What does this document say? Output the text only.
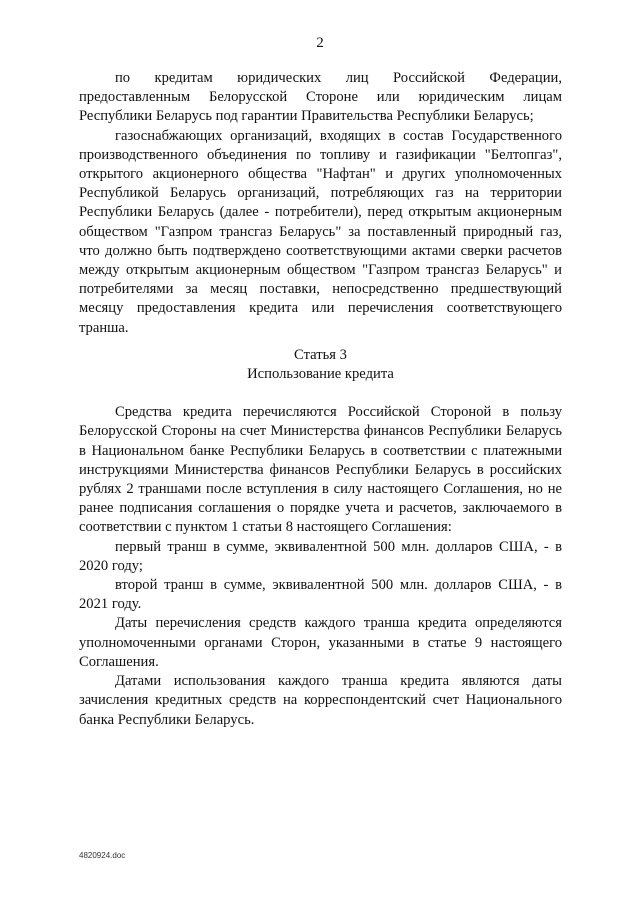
2

по кредитам юридических лиц Российской Федерации, предоставленным Белорусской Стороне или юридическим лицам Республики Беларусь под гарантии Правительства Республики Беларусь;

газоснабжающих организаций, входящих в состав Государственного производственного объединения по топливу и газификации "Белтопгаз", открытого акционерного общества "Нафтан" и других уполномоченных Республикой Беларусь организаций, потребляющих газ на территории Республики Беларусь (далее - потребители), перед открытым акционерным обществом "Газпром трансгаз Беларусь" за поставленный природный газ, что должно быть подтверждено соответствующими актами сверки расчетов между открытым акционерным обществом "Газпром трансгаз Беларусь" и потребителями за месяц поставки, непосредственно предшествующий месяцу предоставления кредита или перечисления соответствующего транша.

Статья 3
Использование кредита

Средства кредита перечисляются Российской Стороной в пользу Белорусской Стороны на счет Министерства финансов Республики Беларусь в Национальном банке Республики Беларусь в соответствии с платежными инструкциями Министерства финансов Республики Беларусь в российских рублях 2 траншами после вступления в силу настоящего Соглашения, но не ранее подписания соглашения о порядке учета и расчетов, заключаемого в соответствии с пунктом 1 статьи 8 настоящего Соглашения:

первый транш в сумме, эквивалентной 500 млн. долларов США, - в 2020 году;

второй транш в сумме, эквивалентной 500 млн. долларов США, - в 2021 году.

Даты перечисления средств каждого транша кредита определяются уполномоченными органами Сторон, указанными в статье 9 настоящего Соглашения.

Датами использования каждого транша кредита являются даты зачисления кредитных средств на корреспондентский счет Национального банка Республики Беларусь.

4820924.doc
